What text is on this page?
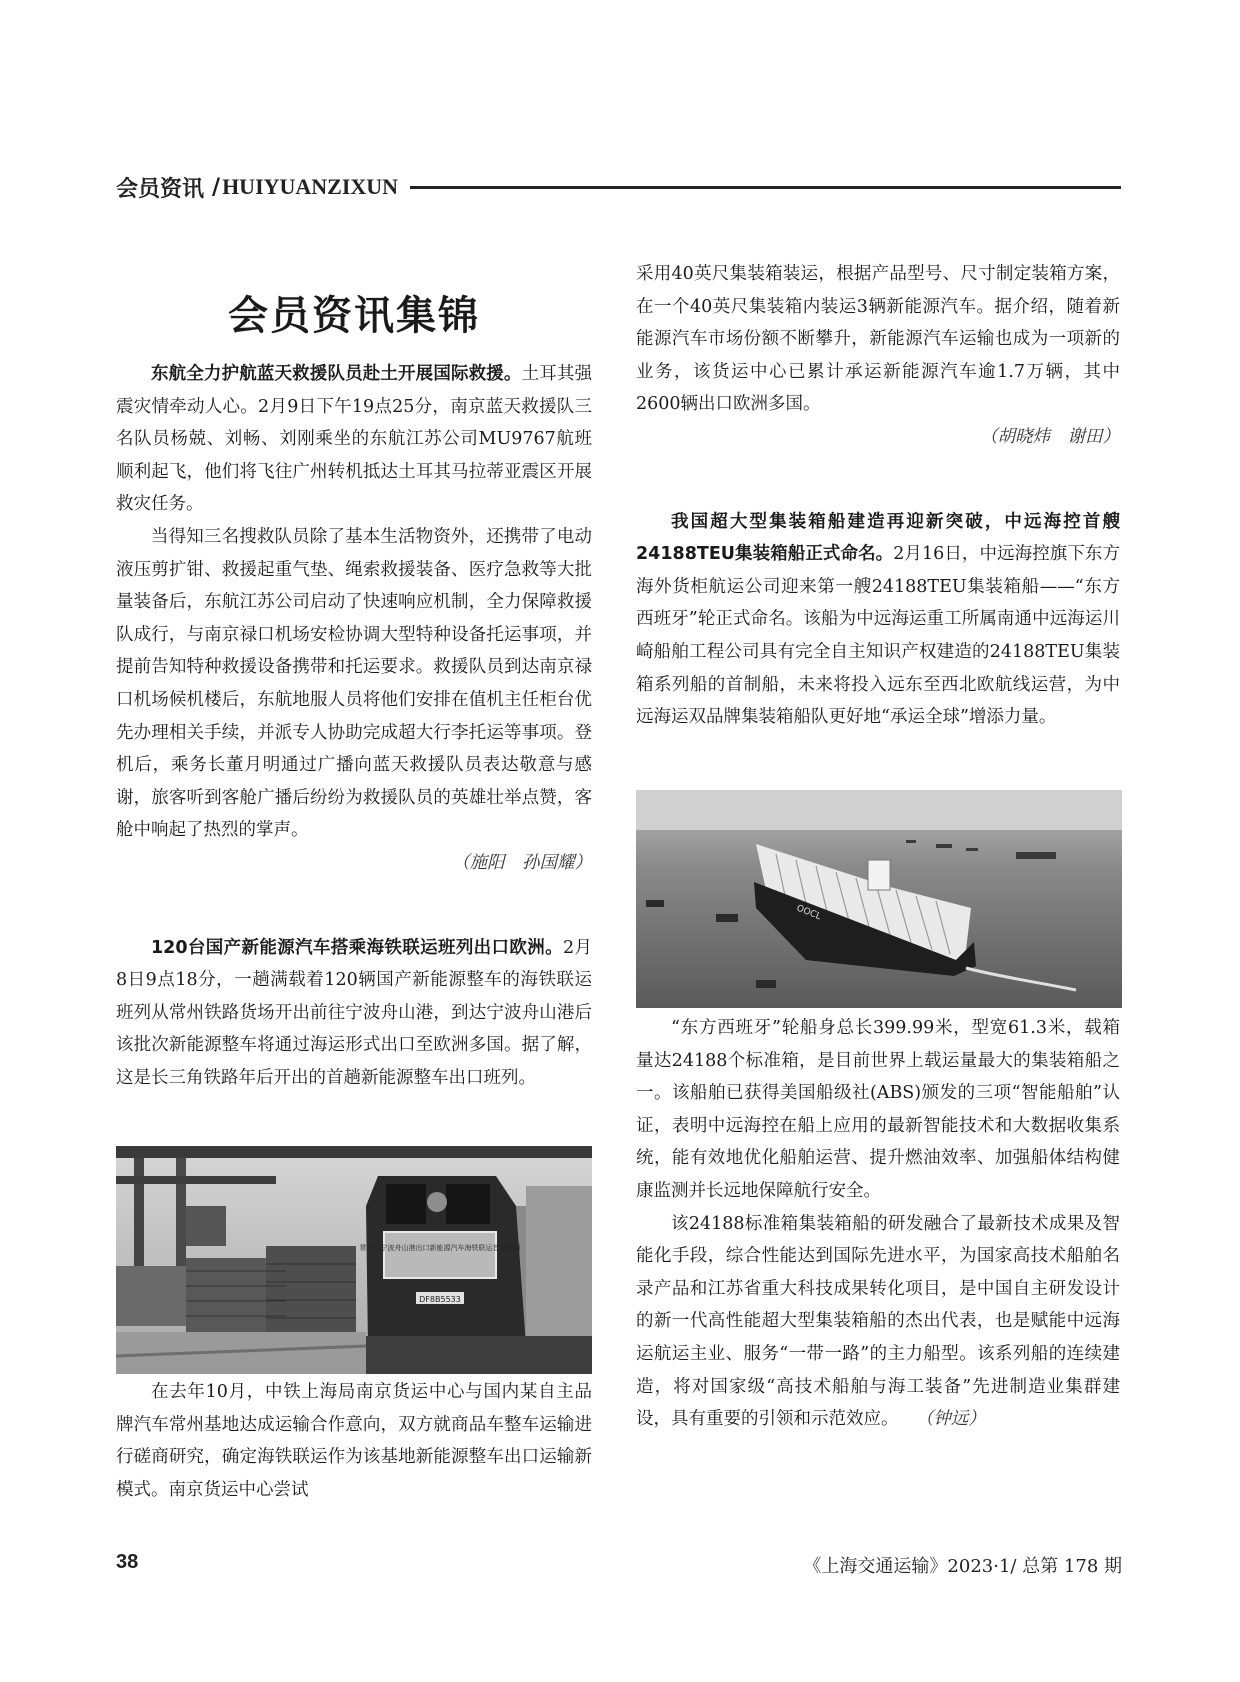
会员资讯 / HUIYUANZIXUN
会员资讯集锦

东航全力护航蓝天救援队员赴土开展国际救援。土耳其强震灾情牵动人心。2月9日下午19点25分，南京蓝天救援队三名队员杨兢、刘畅、刘刚乘坐的东航江苏公司MU9767航班顺利起飞，他们将飞往广州转机抵达土耳其马拉蒂亚震区开展救灾任务。

当得知三名搜救队员除了基本生活物资外，还携带了电动液压剪扩钳、救援起重气垫、绳索救援装备、医疗急救等大批量装备后，东航江苏公司启动了快速响应机制，全力保障救援队成行，与南京禄口机场安检协调大型特种设备托运事项，并提前告知特种救援设备携带和托运要求。救援队员到达南京禄口机场候机楼后，东航地服人员将他们安排在值机主任柜台优先办理相关手续，并派专人协助完成超大行李托运等事项。登机后，乘务长董月明通过广播向蓝天救援队员表达敬意与感谢，旅客听到客舱广播后纷纷为救援队员的英雄壮举点赞，客舱中响起了热烈的掌声。

（施阳　孙国耀）

120台国产新能源汽车搭乘海铁联运班列出口欧洲。2月8日9点18分，一趟满载着120辆国产新能源整车的海铁联运班列从常州铁路货场开出前往宁波舟山港，到达宁波舟山港后该批次新能源整车将通过海运形式出口至欧洲多国。据了解，这是长三角铁路年后开出的首趟新能源整车出口班列。

常州—宁波舟山港出口新能源汽车海铁联运首发班列
DF8B5533

在去年10月，中铁上海局南京货运中心与国内某自主品牌汽车常州基地达成运输合作意向，双方就商品车整车运输进行磋商研究，确定海铁联运作为该基地新能源整车出口运输新模式。南京货运中心尝试

采用40英尺集装箱装运，根据产品型号、尺寸制定装箱方案，在一个40英尺集装箱内装运3辆新能源汽车。据介绍，随着新能源汽车市场份额不断攀升，新能源汽车运输也成为一项新的业务，该货运中心已累计承运新能源汽车逾1.7万辆，其中2600辆出口欧洲多国。

（胡晓炜　谢田）

我国超大型集装箱船建造再迎新突破，中远海控首艘24188TEU集装箱船正式命名。2月16日，中远海控旗下东方海外货柜航运公司迎来第一艘24188TEU集装箱船——“东方西班牙”轮正式命名。该船为中远海运重工所属南通中远海运川崎船舶工程公司具有完全自主知识产权建造的24188TEU集装箱系列船的首制船，未来将投入远东至西北欧航线运营，为中远海运双品牌集装箱船队更好地“承运全球”增添力量。

OOCL

“东方西班牙”轮船身总长399.99米，型宽61.3米，载箱量达24188个标准箱，是目前世界上载运量最大的集装箱船之一。该船舶已获得美国船级社(ABS)颁发的三项“智能船舶”认证，表明中远海控在船上应用的最新智能技术和大数据收集系统，能有效地优化船舶运营、提升燃油效率、加强船体结构健康监测并长远地保障航行安全。

该24188标准箱集装箱船的研发融合了最新技术成果及智能化手段，综合性能达到国际先进水平，为国家高技术船舶名录产品和江苏省重大科技成果转化项目，是中国自主研发设计的新一代高性能超大型集装箱船的杰出代表，也是赋能中远海运航运主业、服务“一带一路”的主力船型。该系列船的连续建造，将对国家级“高技术船舶与海工装备”先进制造业集群建设，具有重要的引领和示范效应。 （钟远）

38	《上海交通运输》2023·1/ 总第 178 期
